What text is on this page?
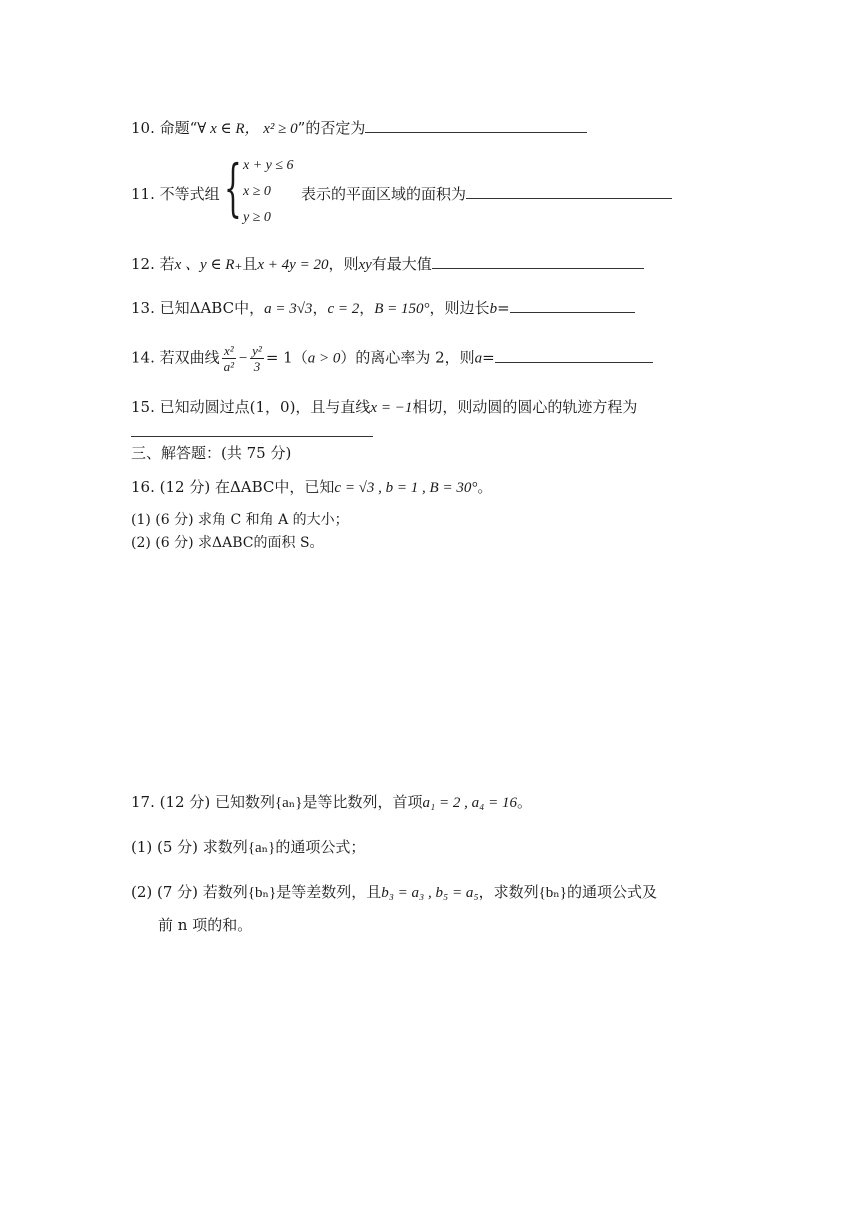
10. 命题“∀ x ∈ R， x² ≥ 0”的否定为
11. 不等式组 { x + y ≤ 6
x ≥ 0
y ≥ 0
表示的平面区域的面积为
12. 若x 、y ∈ R₊且x + 4y = 20，则xy有最大值
13. 已知ΔABC中，a = 3√3，c = 2，B = 150°，则边长b=
14. 若双曲线 $\frac{\text{x²}}{\text{a²}} - \frac{\text{y²}}{3} = 1(a > 0)$的离心率为 2，则a=
15. 已知动圆过点(1，0)，且与直线x = −1相切，则动圆的圆心的轨迹方程为
三、解答题：(共 75 分)
16. (12 分) 在ΔABC中，已知c = √3 , b = 1 , B = 30°。
(1) (6 分) 求角 C 和角 A 的大小；
(2) (6 分) 求ΔABC的面积 S。
17. (12 分) 已知数列{aₙ}是等比数列，首项a₁ = 2 , a₄ = 16。
(1) (5 分) 求数列{aₙ}的通项公式；
(2) (7 分) 若数列{bₙ}是等差数列，且b₃ = a₃ , b₅ = a₅，求数列{bₙ}的通项公式及
前 n 项的和。
